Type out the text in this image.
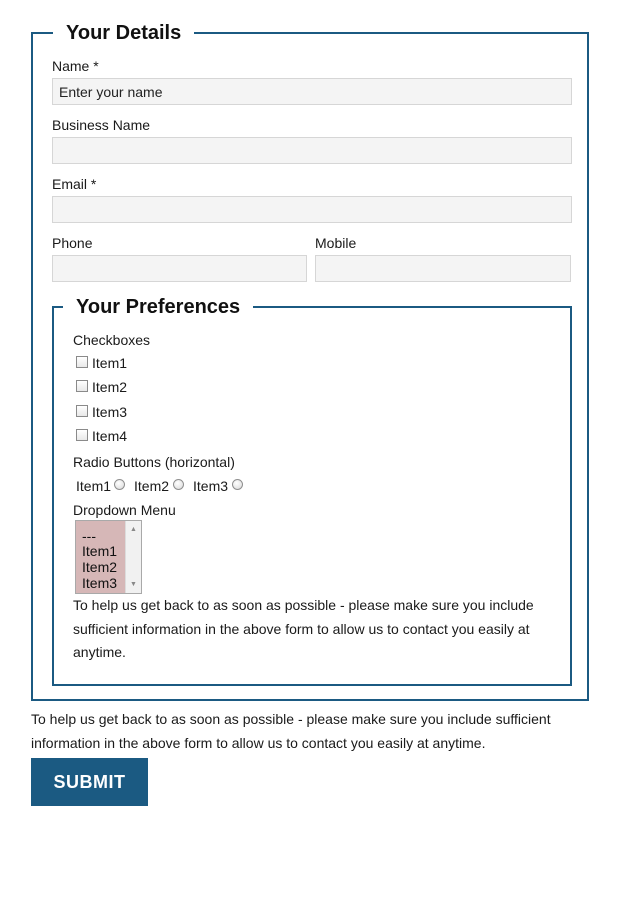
Your Details
Name *
Enter your name
Business Name
Email *
Phone	Mobile
Your Preferences
Checkboxes
Item1
Item2
Item3
Item4
Radio Buttons (horizontal)
Item1 Item2 Item3
Dropdown Menu
---
Item1
Item2
Item3
▲
▼
To help us get back to as soon as possible - please make sure you include sufficient information in the above form to allow us to contact you easily at anytime.
To help us get back to as soon as possible - please make sure you include sufficient information in the above form to allow us to contact you easily at anytime.
SUBMIT
